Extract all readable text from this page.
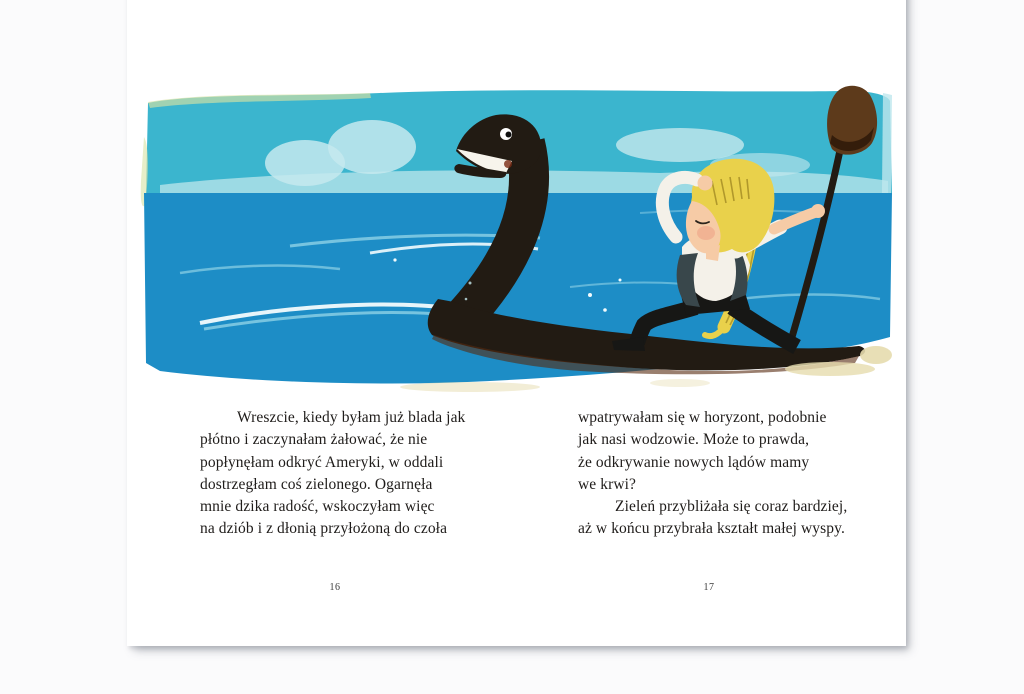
Wreszcie, kiedy byłam już blada jak
płótno i zaczynałam żałować, że nie
popłynęłam odkryć Ameryki, w oddali
dostrzegłam coś zielonego. Ogarnęła
mnie dzika radość, wskoczyłam więc
na dziób i z dłonią przyłożoną do czoła
wpatrywałam się w horyzont, podobnie
jak nasi wodzowie. Może to prawda,
że odkrywanie nowych lądów mamy
we krwi?
Zieleń przybliżała się coraz bardziej,
aż w końcu przybrała kształt małej wyspy.
16	17
